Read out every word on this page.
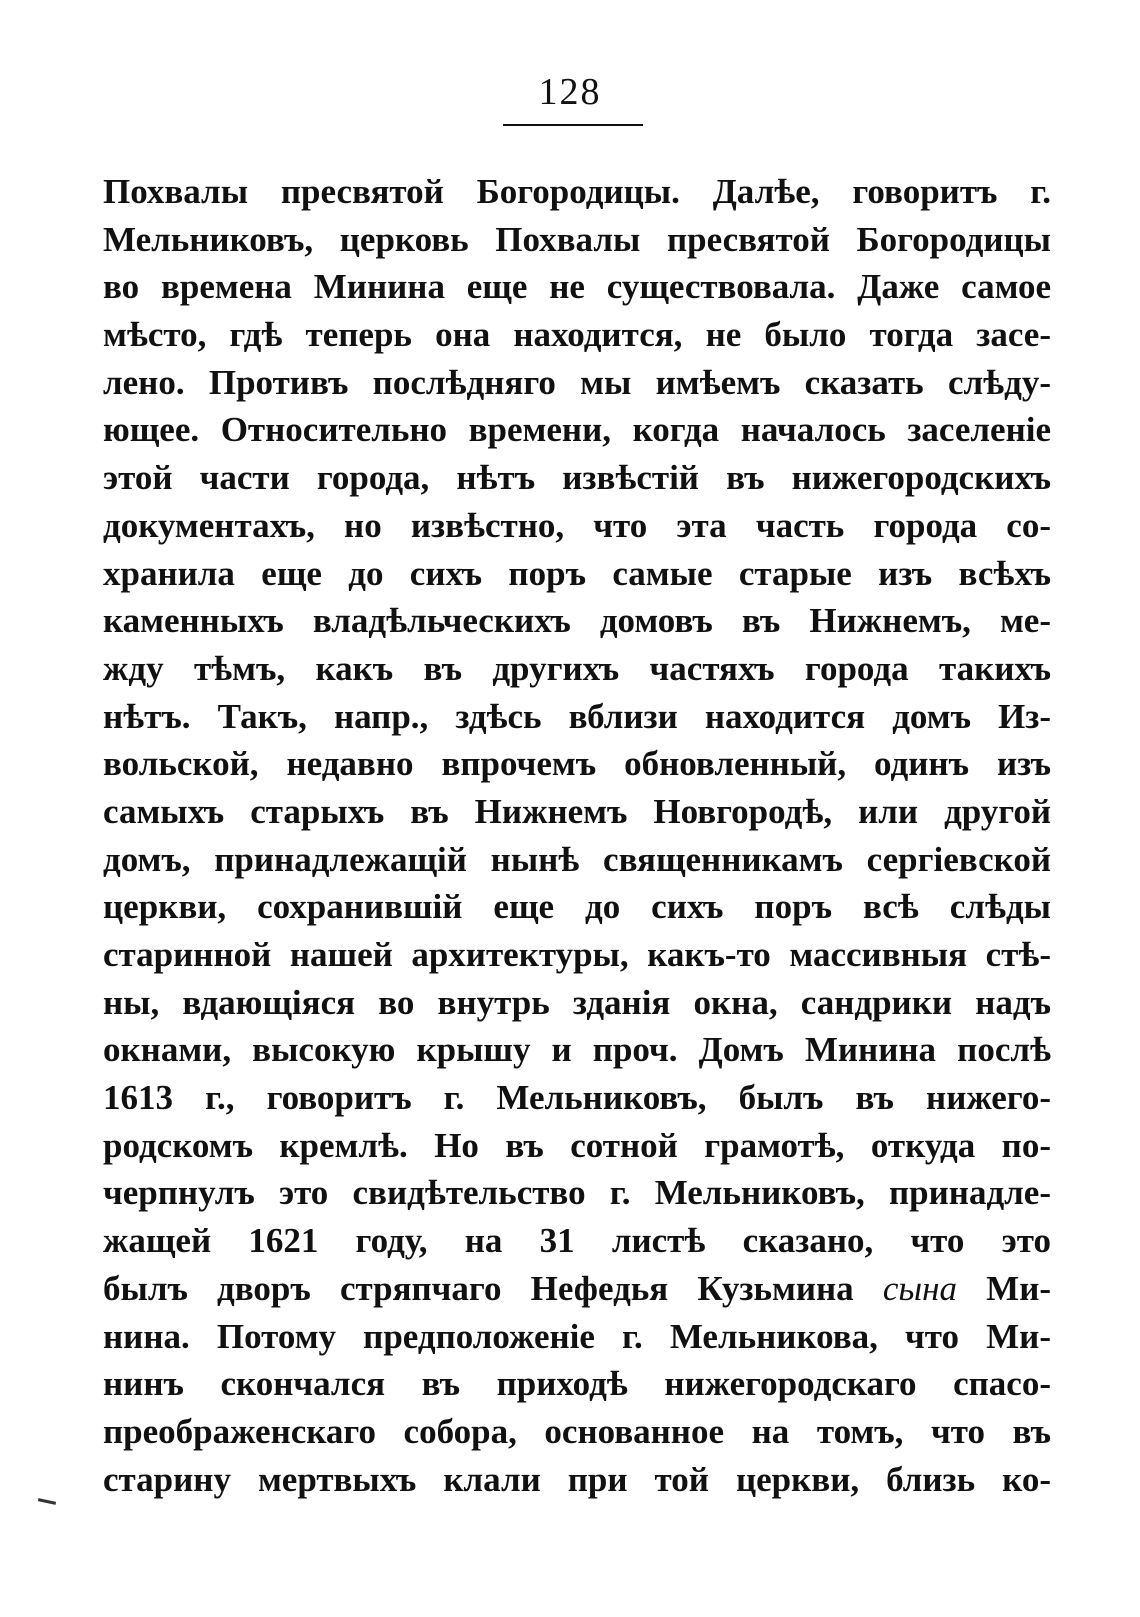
128
Похвалы пресвятой Богородицы. Далѣе, говоритъ г.
Мельниковъ, церковь Похвалы пресвятой Богородицы
во времена Минина еще не существовала. Даже самое
мѣсто, гдѣ теперь она находится, не было тогда засе-
лено. Противъ послѣдняго мы имѣемъ сказать слѣду-
ющее. Относительно времени, когда началось заселеніе
этой части города, нѣтъ извѣстій въ нижегородскихъ
документахъ, но извѣстно, что эта часть города со-
хранила еще до сихъ поръ самые старые изъ всѣхъ
каменныхъ владѣльческихъ домовъ въ Нижнемъ, ме-
жду тѣмъ, какъ въ другихъ частяхъ города такихъ
нѣтъ. Такъ, напр., здѣсь вблизи находится домъ Из-
вольской, недавно впрочемъ обновленный, одинъ изъ
самыхъ старыхъ въ Нижнемъ Новгородѣ, или другой
домъ, принадлежащій нынѣ священникамъ сергіевской
церкви, сохранившій еще до сихъ поръ всѣ слѣды
старинной нашей архитектуры, какъ-то массивныя стѣ-
ны, вдающіяся во внутрь зданія окна, сандрики надъ
окнами, высокую крышу и проч. Домъ Минина послѣ
1613 г., говоритъ г. Мельниковъ, былъ въ нижего-
родскомъ кремлѣ. Но въ сотной грамотѣ, откуда по-
черпнулъ это свидѣтельство г. Мельниковъ, принадле-
жащей 1621 году, на 31 листѣ сказано, что это
былъ дворъ стряпчаго Нефедья Кузьмина сына Ми-
нина. Потому предположеніе г. Мельникова, что Ми-
нинъ скончался въ приходѣ нижегородскаго спасо-
преображенскаго собора, основанное на томъ, что въ
старину мертвыхъ клали при той церкви, близь ко-
